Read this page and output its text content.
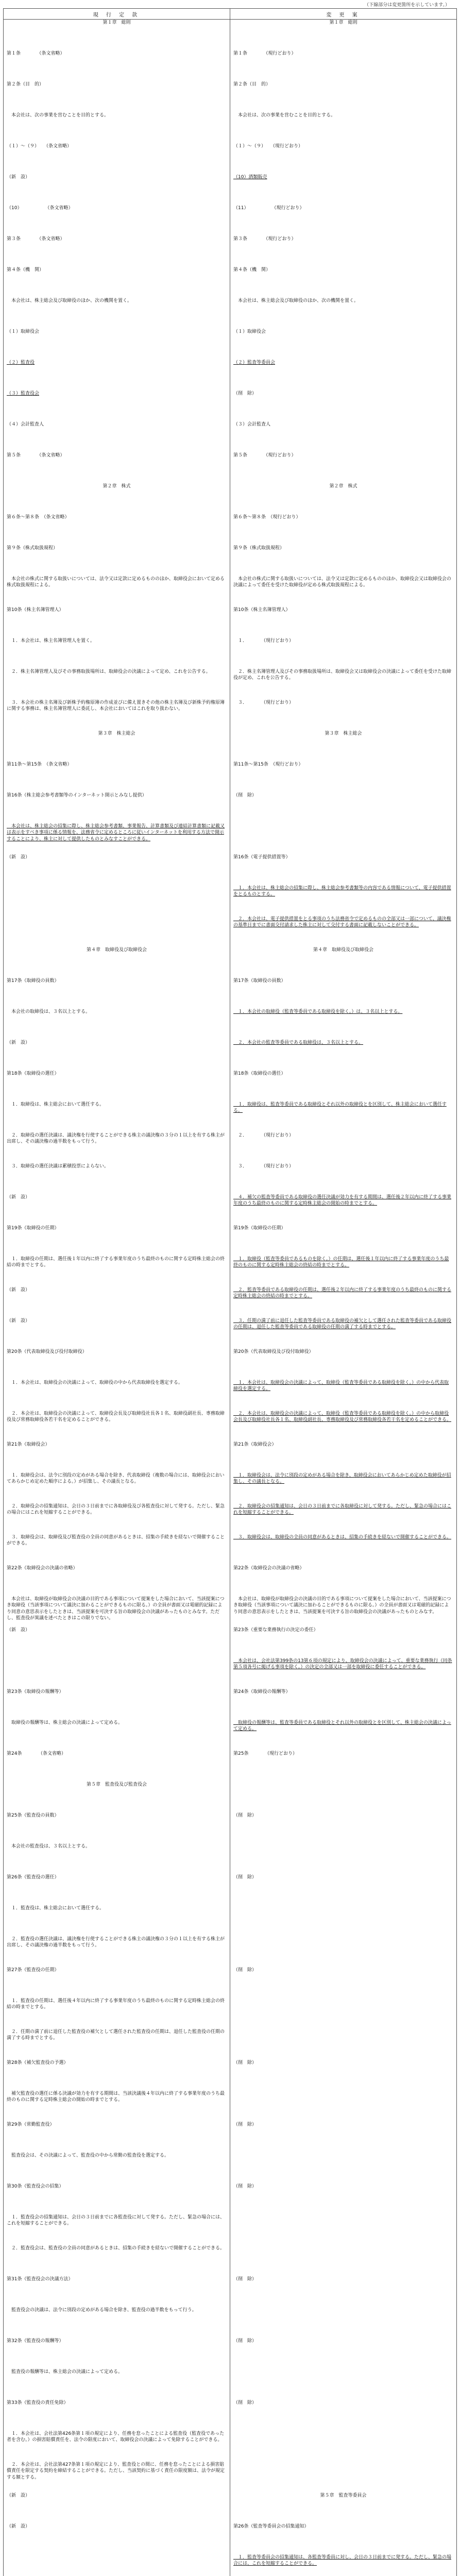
（下線部分は変更箇所を示しています。）
現 行 定 款	変 更 案

第１章　総則	第１章　総則

第１条　　　　（条文省略）	第１条　　　　（現行どおり）

第２条（目　的）	第２条（目　的）

　本会社は、次の事業を営むことを目的とする。	　本会社は、次の事業を営むことを目的とする。

（１）～（９）　　（条文省略）	（１）～（９）　　（現行どおり）

（新　設）	（10）酒類販売

（10）　　　　　　（条文省略）	（11）　　　　　　（現行どおり）

第３条　　　　（条文省略）	第３条　　　　（現行どおり）

第４条（機　関）	第４条（機　関）

　本会社は、株主総会及び取締役のほか、次の機関を置く。	　本会社は、株主総会及び取締役のほか、次の機関を置く。

（１）取締役会	（１）取締役会

（２）監査役	（２）監査等委員会

（３）監査役会	（削　除）

（４）会計監査人	（３）会計監査人

第５条　　　　（条文省略）	第５条　　　　（現行どおり）

第２章　株式	第２章　株式

第６条～第８条　（条文省略）	第６条～第８条　（現行どおり）

第９条（株式取扱規程）	第９条（株式取扱規程）

　本会社の株式に関する取扱いについては、法令又は定款に定めるもののほか、取締役会において定める株式取扱規程による。	　本会社の株式に関する取扱いについては、法令又は定款に定めるもののほか、取締役会又は取締役会の決議によって委任を受けた取締役が定める株式取扱規程による。

第10条（株主名簿管理人）	第10条（株主名簿管理人）

　１．本会社は、株主名簿管理人を置く。	　１．　　　　（現行どおり）

　２．株主名簿管理人及びその事務取扱場所は、取締役会の決議によって定め、これを公告する。	　２．株主名簿管理人及びその事務取扱場所は、取締役会又は取締役会の決議によって委任を受けた取締役が定め、これを公告する。

　３．本会社の株主名簿及び新株予約権原簿の作成並びに備え置きその他の株主名簿及び新株予約権原簿に関する事務は、株主名簿管理人に委託し、本会社においてはこれを取り扱わない。	　３．　　　　（現行どおり）

第３章　株主総会	第３章　株主総会

第11条～第15条　（条文省略）	第11条～第15条　（現行どおり）

第16条（株主総会参考書類等のインターネット開示とみなし提供）	（削　除）

　本会社は、株主総会の招集に際し、株主総会参考書類、事業報告、計算書類及び連結計算書類に記載又は表示をすべき事項に係る情報を、法務省令に定めるところに従いインターネットを利用する方法で開示することにより、株主に対して提供したものとみなすことができる。	

（新　設）	第16条（電子提供措置等）

	　１．本会社は、株主総会の招集に際し、株主総会参考書類等の内容である情報について、電子提供措置をとるものとする。

	　２．本会社は、電子提供措置をとる事項のうち法務省令で定めるものの全部又は一部について、議決権の基準日までに書面交付請求した株主に対して交付する書面に記載しないことができる。

第４章　取締役及び取締役会	第４章　取締役及び取締役会

第17条（取締役の員数）	第17条（取締役の員数）

　本会社の取締役は、３名以上とする。	　１．本会社の取締役（監査等委員である取締役を除く。）は、３名以上とする。

（新　設）	　２．本会社の監査等委員である取締役は、３名以上とする。

第18条（取締役の選任）	第18条（取締役の選任）

　１．取締役は、株主総会において選任する。	　１．取締役は、監査等委員である取締役とそれ以外の取締役とを区別して、株主総会において選任する。

　２．取締役の選任決議は、議決権を行使することができる株主の議決権の３分の１以上を有する株主が出席し、その議決権の過半数をもって行う。	　２．　　　　（現行どおり）

　３．取締役の選任決議は累積投票によらない。	　３．　　　　（現行どおり）

（新　設）	　４．補欠の監査等委員である取締役の選任決議が効力を有する期間は、選任後２年以内に終了する事業年度のうち最終のものに関する定時株主総会の開始の時までとする。

第19条（取締役の任期）	第19条（取締役の任期）

　１．取締役の任期は、選任後１年以内に終了する事業年度のうち最終のものに関する定時株主総会の終結の時までとする。	　１．取締役（監査等委員であるものを除く。）の任期は、選任後１年以内に終了する事業年度のうち最終のものに関する定時株主総会の終結の時までとする。

（新　設）	　２．監査等委員である取締役の任期は、選任後２年以内に終了する事業年度のうち最終のものに関する定時株主総会の終結の時までとする。

（新　設）	　３．任期の満了前に退任した監査等委員である取締役の補欠として選任された監査等委員である取締役の任期は、退任した監査等委員である取締役の任期の満了する時までとする。

第20条（代表取締役及び役付取締役）	第20条（代表取締役及び役付取締役）

　１．本会社は、取締役会の決議によって、取締役の中から代表取締役を選定する。	　１．本会社は、取締役会の決議によって、取締役（監査等委員である取締役を除く。）の中から代表取締役を選定する。

　２．本会社は、取締役会の決議によって、取締役会長及び取締役社長各１名、取締役副社長、専務取締役及び常務取締役各若干名を定めることができる。	　２．本会社は、取締役会の決議によって、取締役（監査等委員である取締役を除く。）の中から取締役会長及び取締役社長各１名、取締役副社長、専務取締役及び常務取締役各若干名を定めることができる。

第21条（取締役会）	第21条（取締役会）

　１．取締役会は、法令に別段の定めがある場合を除き、代表取締役（複数の場合には、取締役会においてあらかじめ定めた順序による。）が招集し、その議長となる。	　１．取締役会は、法令に別段の定めがある場合を除き、取締役会においてあらかじめ定めた取締役が招集し、その議長となる。

　２．取締役会の招集通知は、会日の３日前までに各取締役及び各監査役に対して発する。ただし、緊急の場合にはこれを短縮することができる。	　２．取締役会の招集通知は、会日の３日前までに各取締役に対して発する。ただし、緊急の場合にはこれを短縮することができる。

　３．取締役会は、取締役及び監査役の全員の同意があるときは、招集の手続きを経ないで開催することができる。	　３．取締役会は、取締役の全員の同意があるときは、招集の手続きを経ないで開催することができる。

第22条（取締役会の決議の省略）	第22条（取締役会の決議の省略）

　本会社は、取締役が取締役会の決議の目的である事項について提案をした場合において、当該提案につき取締役（当該事項について議決に加わることができるものに限る。）の全員が書面又は電磁的記録により同意の意思表示をしたときは、当該提案を可決する旨の取締役会の決議があったものとみなす。ただし、監査役が異議を述べたときはこの限りでない。	　本会社は、取締役が取締役会の決議の目的である事項について提案をした場合において、当該提案につき取締役（当該事項について議決に加わることができるものに限る。）の全員が書面又は電磁的記録により同意の意思表示をしたときは、当該提案を可決する旨の取締役会の決議があったものとみなす。

（新　設）	第23条（重要な業務執行の決定の委任）

	　本会社は、会社法第399条の13第６項の規定により、取締役会の決議によって、重要な業務執行（同条第５項各号に掲げる事項を除く。）の決定の全部又は一部を取締役に委任することができる。

第23条（取締役の報酬等）	第24条（取締役の報酬等）

　取締役の報酬等は、株主総会の決議によって定める。	　取締役の報酬等は、監査等委員である取締役とそれ以外の取締役とを区別して、株主総会の決議によって定める。

第24条　　　　（条文省略）	第25条　　　　（現行どおり）

第５章　監査役及び監査役会	

第25条（監査役の員数）	（削　除）

　本会社の監査役は、３名以上とする。	

第26条（監査役の選任）	（削　除）

　１．監査役は、株主総会において選任する。	

　２．監査役の選任決議は、議決権を行使することができる株主の議決権の３分の１以上を有する株主が出席し、その議決権の過半数をもって行う。	

第27条（監査役の任期）	（削　除）

　１．監査役の任期は、選任後４年以内に終了する事業年度のうち最終のものに関する定時株主総会の終結の時までとする。	

　２．任期の満了前に退任した監査役の補欠として選任された監査役の任期は、退任した監査役の任期の満了する時までとする。	

第28条（補欠監査役の予選）	（削　除）

　補欠監査役の選任に係る決議が効力を有する期間は、当該決議後４年以内に終了する事業年度のうち最終のものに関する定時株主総会の開始の時までとする。	

第29条（常勤監査役）	（削　除）

　監査役会は、その決議によって、監査役の中から常勤の監査役を選定する。	

第30条（監査役会の招集）	（削　除）

　１．監査役会の招集通知は、会日の３日前までに各監査役に対して発する。ただし、緊急の場合には、これを短縮することができる。	

　２．監査役会は、監査役の全員の同意があるときは、招集の手続きを経ないで開催することができる。	

第31条（監査役会の決議方法）	（削　除）

　監査役会の決議は、法令に別段の定めがある場合を除き、監査役の過半数をもって行う。	

第32条（監査役の報酬等）	（削　除）

　監査役の報酬等は、株主総会の決議によって定める。	

第33条（監査役の責任免除）	（削　除）

　１．本会社は、会社法第426条第１項の規定により、任務を怠ったことによる監査役（監査役であった者を含む。）の損害賠償責任を、法令の限度において、取締役会の決議によって免除することができる。	

　２．本会社は、会社法第427条第１項の規定により、監査役との間に、任務を怠ったことによる損害賠償責任を限定する契約を締結することができる。ただし、当該契約に基づく責任の限度額は、法令が規定する額とする。	

（新　設）	第５章　監査等委員会

（新　設）	第26条（監査等委員会の招集通知）

	　１．監査等委員会の招集通知は、各監査等委員に対し、会日の３日前までに発する。ただし、緊急の場合には、これを短縮することができる。
